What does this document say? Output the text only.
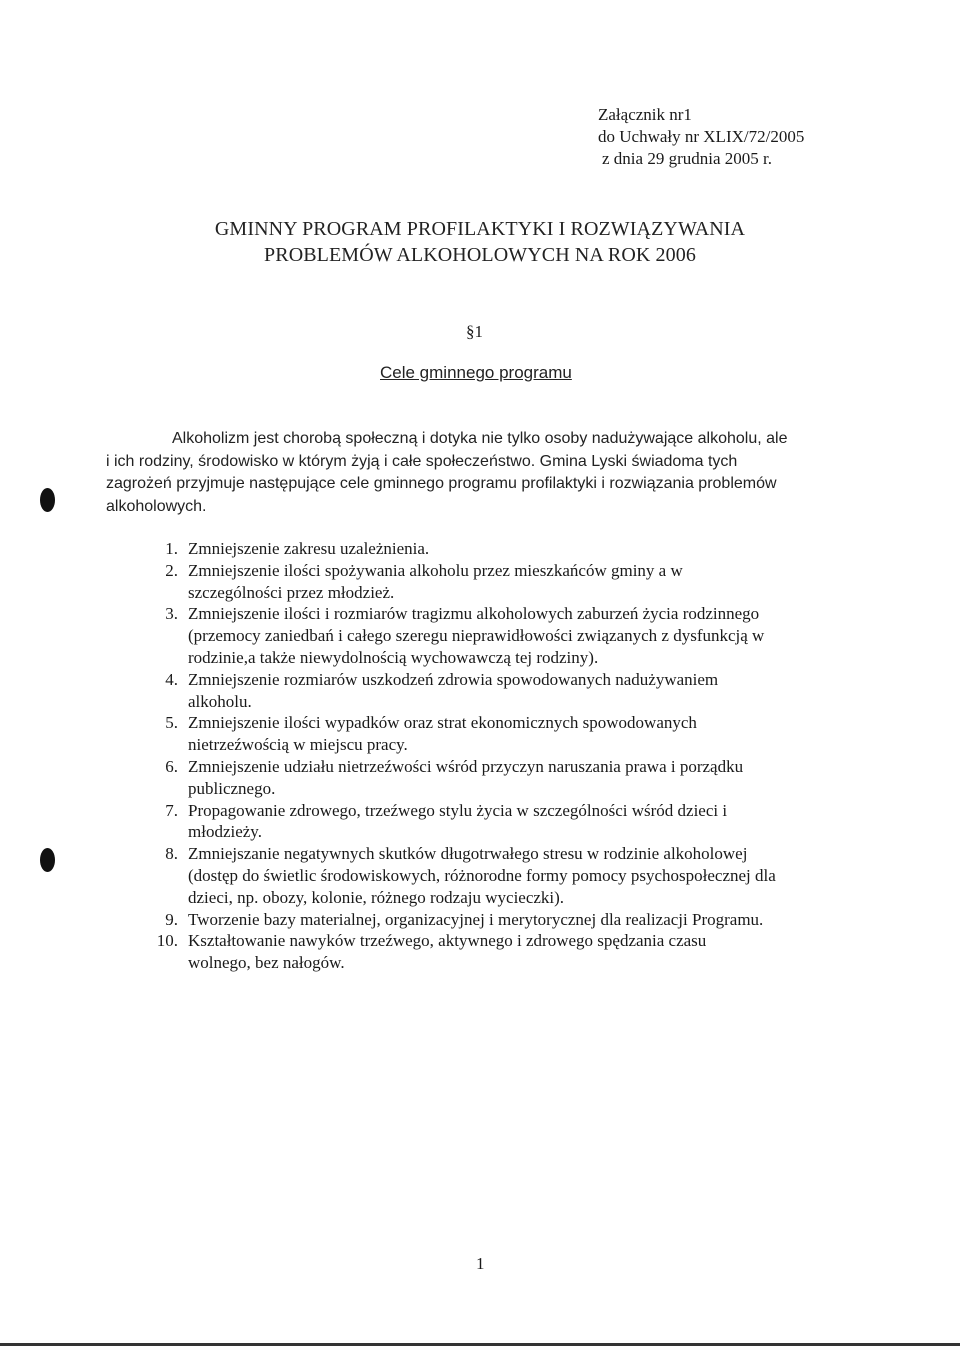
Załącznik nr1
do Uchwały nr XLIX/72/2005
z dnia 29 grudnia 2005 r.
GMINNY PROGRAM PROFILAKTYKI I ROZWIĄZYWANIA
PROBLEMÓW ALKOHOLOWYCH NA ROK 2006
§1
Cele gminnego programu
Alkoholizm jest chorobą społeczną i dotyka nie tylko osoby nadużywające alkoholu, ale
i ich rodziny, środowisko w którym żyją i całe społeczeństwo. Gmina Lyski świadoma tych
zagrożeń przyjmuje następujące cele gminnego programu profilaktyki i rozwiązania problemów
alkoholowych.
1. Zmniejszenie zakresu uzależnienia.
2. Zmniejszenie ilości spożywania alkoholu przez mieszkańców gminy a w
szczególności przez młodzież.
3. Zmniejszenie ilości i rozmiarów tragizmu alkoholowych zaburzeń życia rodzinnego
(przemocy zaniedbań i całego szeregu nieprawidłowości związanych z dysfunkcją w
rodzinie,a także niewydolnością wychowawczą tej rodziny).
4. Zmniejszenie rozmiarów uszkodzeń zdrowia spowodowanych nadużywaniem
alkoholu.
5. Zmniejszenie ilości wypadków oraz strat ekonomicznych spowodowanych
nietrzeźwością w miejscu pracy.
6. Zmniejszenie udziału nietrzeźwości wśród przyczyn naruszania prawa i porządku
publicznego.
7. Propagowanie zdrowego, trzeźwego stylu życia w szczególności wśród dzieci i
młodzieży.
8. Zmniejszanie negatywnych skutków długotrwałego stresu w rodzinie alkoholowej
(dostęp do świetlic środowiskowych, różnorodne formy pomocy psychospołecznej dla
dzieci, np. obozy, kolonie, różnego rodzaju wycieczki).
9. Tworzenie bazy materialnej, organizacyjnej i merytorycznej dla realizacji Programu.
10. Kształtowanie nawyków trzeźwego, aktywnego i zdrowego spędzania czasu
wolnego, bez nałogów.
1
